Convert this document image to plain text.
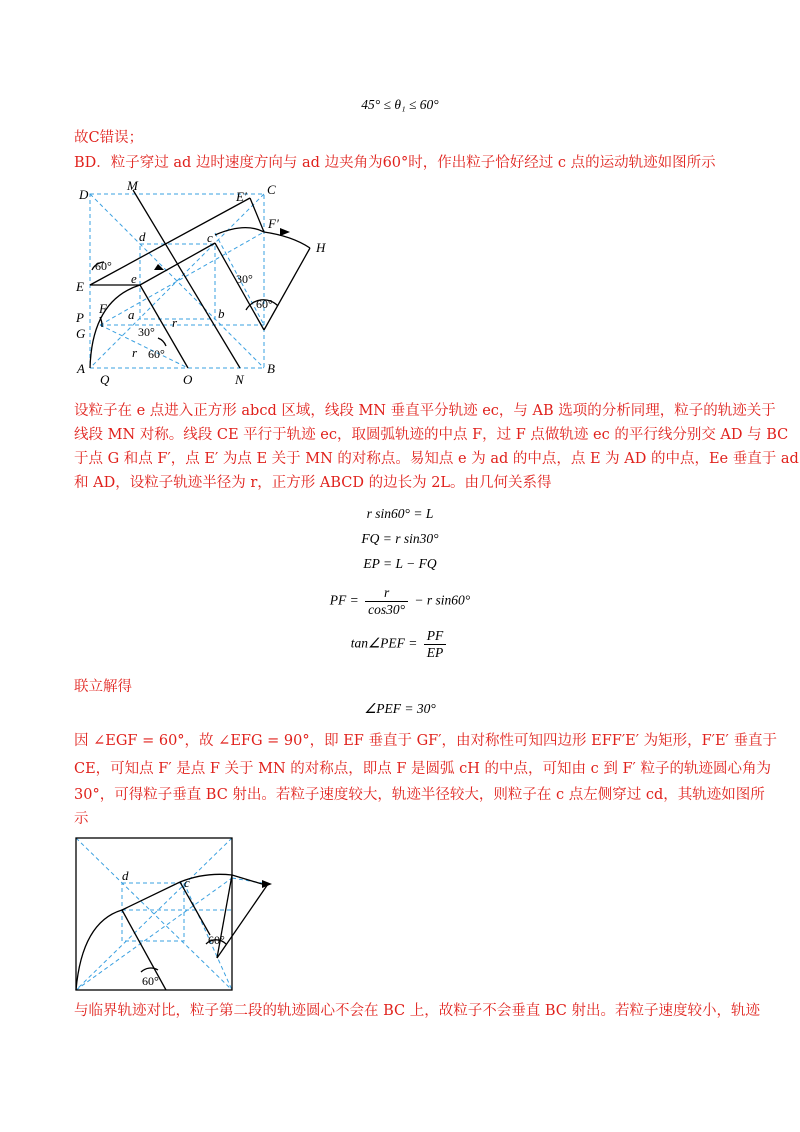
45° ≤ θ₁ ≤ 60°
故C错误；
BD．粒子穿过 ad 边时速度方向与 ad 边夹角为60°时，作出粒子恰好经过 c 点的运动轨迹如图所示
D
M
E′ C
F′
H
d	c
60°
30°
E
e
60°
F a	b
r
P
G	30°
r 60°
A
Q	O	N
B
设粒子在 e 点进入正方形 abcd 区域，线段 MN 垂直平分轨迹 ec，与 AB 选项的分析同理，粒子的轨迹关于
线段 MN 对称。线段 CE 平行于轨迹 ec，取圆弧轨迹的中点 F，过 F 点做轨迹 ec 的平行线分别交 AD 与 BC
于点 G 和点 F′，点 E′ 为点 E 关于 MN 的对称点。易知点 e 为 ad 的中点，点 E 为 AD 的中点，Ee 垂直于 ad
和 AD，设粒子轨迹半径为 r，正方形 ABCD 的边长为 2L。由几何关系得
r sin60° = L
FQ = r sin30°
EP = L − FQ
PF = $\frac{r}{\cos 30^\circ} - r$ sin60°
tan∠PEF = $\frac{PF}{EP}$
联立解得
∠PEF = 30°
因 ∠EGF = 60°，故 ∠EFG = 90°，即 EF 垂直于 GF′，由对称性可知四边形 EFF′E′ 为矩形，F′E′ 垂直于
CE，可知点 F′ 是点 F 关于 MN 的对称点，即点 F 是圆弧 cH 的中点，可知由 c 到 F′ 粒子的轨迹圆心角为
30°，可得粒子垂直 BC 射出。若粒子速度较大，轨迹半径较大，则粒子在 c 点左侧穿过 cd，其轨迹如图所
示
d	c
60°
60°
与临界轨迹对比，粒子第二段的轨迹圆心不会在 BC 上，故粒子不会垂直 BC 射出。若粒子速度较小，轨迹
